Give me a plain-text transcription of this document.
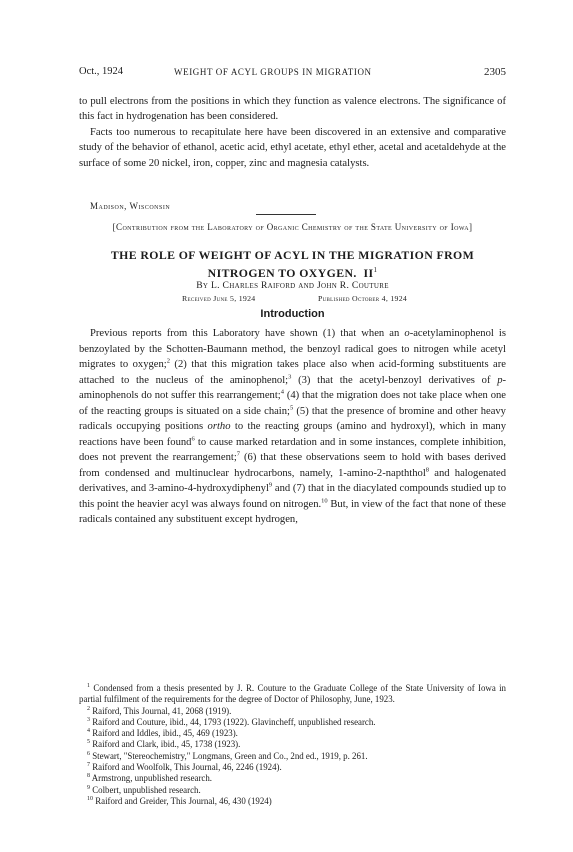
Oct., 1924	WEIGHT OF ACYL GROUPS IN MIGRATION	2305
to pull electrons from the positions in which they function as valence electrons. The significance of this fact in hydrogenation has been considered.
Facts too numerous to recapitulate here have been discovered in an extensive and comparative study of the behavior of ethanol, acetic acid, ethyl acetate, ethyl ether, acetal and acetaldehyde at the surface of some 20 nickel, iron, copper, zinc and magnesia catalysts.
Madison, Wisconsin
[Contribution from the Laboratory of Organic Chemistry of the State University of Iowa]
THE ROLE OF WEIGHT OF ACYL IN THE MIGRATION FROM
NITROGEN TO OXYGEN. $II^1$
By L. Charles Raiford and John R. Couture
Received June 5, 1924	Published October 4, 1924
Introduction
Previous reports from this Laboratory have shown (1) that when an o-acetylaminophenol is benzoylated by the Schotten-Baumann method, the benzoyl radical goes to nitrogen while acetyl migrates to oxygen;$^2$ (2) that this migration takes place also when acid-forming substituents are attached to the nucleus of the aminophenol;$^3$ (3) that the acetyl-benzoyl derivatives of p-aminophenols do not suffer this rearrangement;$^4$ (4) that the migration does not take place when one of the reacting groups is situated on a side chain;$^5$ (5) that the presence of bromine and other heavy radicals occupying positions ortho to the reacting groups (amino and hydroxyl), which in many reactions have been found$^6$ to cause marked retardation and in some instances, complete inhibition, does not prevent the rearrangement;$^7$ (6) that these observations seem to hold with bases derived from condensed and multinuclear hydrocarbons, namely, 1-amino-2-napththol$^8$ and halogenated derivatives, and 3-amino-4-hydroxydiphenyl$^9$ and (7) that in the diacylated compounds studied up to this point the heavier acyl was always found on nitrogen.$^{10}$ But, in view of the fact that none of these radicals contained any substituent except hydrogen,

$^1$ Condensed from a thesis presented by J. R. Couture to the Graduate College of the State University of Iowa in partial fulfilment of the requirements for the degree of Doctor of Philosophy, June, 1923.

$^2$ Raiford, This Journal, 41, 2068 (1919).

$^3$ Raiford and Couture, ibid., 44, 1793 (1922). Glavincheff, unpublished research.

$^4$ Raiford and Iddles, ibid., 45, 469 (1923).

$^5$ Raiford and Clark, ibid., 45, 1738 (1923).

$^6$ Stewart, "Stereochemistry," Longmans, Green and Co., 2nd ed., 1919, p. 261.

$^7$ Raiford and Woolfolk, This Journal, 46, 2246 (1924).

$^8$ Armstrong, unpublished research.

$^9$ Colbert, unpublished research.

$^{10}$ Raiford and Greider, This Journal, 46, 430 (1924)
